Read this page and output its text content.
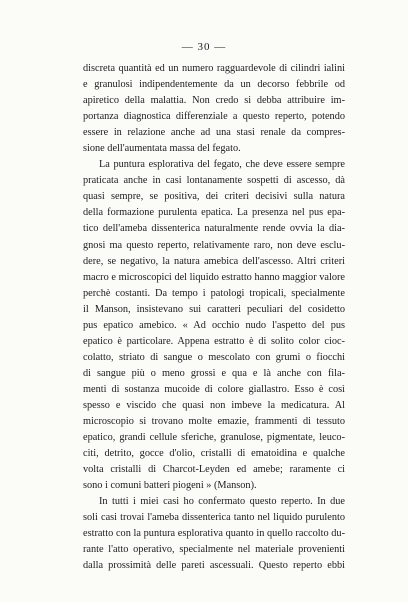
— 30 —
discreta quantità ed un numero ragguardevole di cilindri ialini
e granulosi indipendentemente da un decorso febbrile od
apiretico della malattia. Non credo si debba attribuire im-
portanza diagnostica differenziale a questo reperto, potendo
essere in relazione anche ad una stasi renale da compres-
sione dell'aumentata massa del fegato.
La puntura esplorativa del fegato, che deve essere sempre
praticata anche in casi lontanamente sospetti di ascesso, dà
quasi sempre, se positiva, dei criteri decisivi sulla natura
della formazione purulenta epatica. La presenza nel pus epa-
tico dell'ameba dissenterica naturalmente rende ovvia la dia-
gnosi ma questo reperto, relativamente raro, non deve esclu-
dere, se negativo, la natura amebica dell'ascesso. Altri criteri
macro e microscopici del liquido estratto hanno maggior valore
perchè costanti. Da tempo i patologi tropicali, specialmente
il Manson, insistevano sui caratteri peculiari del cosidetto
pus epatico amebico. « Ad occhio nudo l'aspetto del pus
epatico è particolare. Appena estratto è di solito color cioc-
colatto, striato di sangue o mescolato con grumi o fiocchi
di sangue più o meno grossi e qua e là anche con fila-
menti di sostanza mucoide di colore giallastro. Esso è così
spesso e viscido che quasi non imbeve la medicatura. Al
microscopio si trovano molte emazie, frammenti di tessuto
epatico, grandi cellule sferiche, granulose, pigmentate, leuco-
citi, detrito, gocce d'olio, cristalli di ematoidina e qualche
volta cristalli di Charcot-Leyden ed amebe; raramente ci
sono i comuni batteri piogeni » (Manson).
In tutti i miei casi ho confermato questo reperto. In due
soli casi trovai l'ameba dissenterica tanto nel liquido purulento
estratto con la puntura esplorativa quanto in quello raccolto du-
rante l'atto operativo, specialmente nel materiale provenienti
dalla prossimità delle pareti ascessuali. Questo reperto ebbi
